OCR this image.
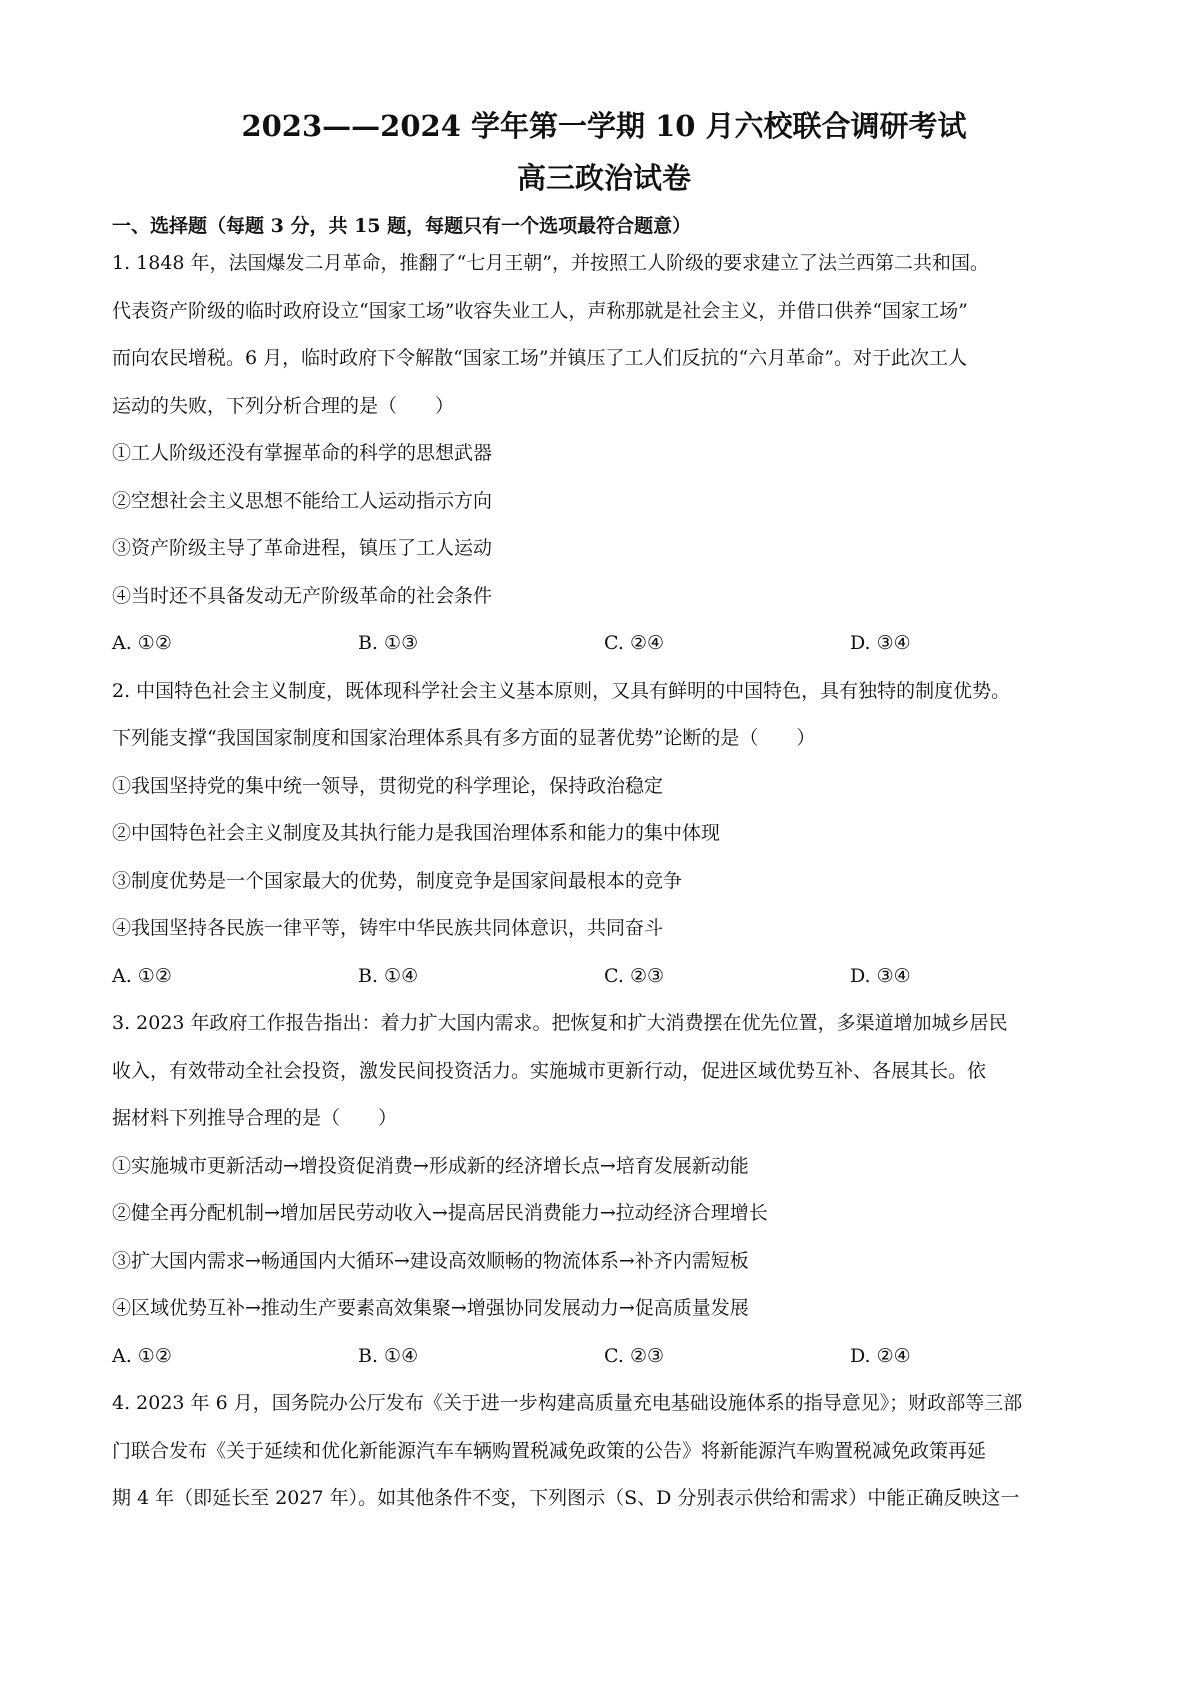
2023——2024 学年第一学期 10 月六校联合调研考试
高三政治试卷

一、选择题（每题 3 分，共 15 题，每题只有一个选项最符合题意）

1. 1848 年，法国爆发二月革命，推翻了“七月王朝”，并按照工人阶级的要求建立了法兰西第二共和国。

代表资产阶级的临时政府设立“国家工场”收容失业工人，声称那就是社会主义，并借口供养“国家工场”

而向农民增税。6 月，临时政府下令解散“国家工场”并镇压了工人们反抗的“六月革命”。对于此次工人

运动的失败，下列分析合理的是（　　）

①工人阶级还没有掌握革命的科学的思想武器

②空想社会主义思想不能给工人运动指示方向

③资产阶级主导了革命进程，镇压了工人运动

④当时还不具备发动无产阶级革命的社会条件

A. ①②	B. ①③	C. ②④	D. ③④

2. 中国特色社会主义制度，既体现科学社会主义基本原则，又具有鲜明的中国特色，具有独特的制度优势。

下列能支撑“我国国家制度和国家治理体系具有多方面的显著优势”论断的是（　　）

①我国坚持党的集中统一领导，贯彻党的科学理论，保持政治稳定

②中国特色社会主义制度及其执行能力是我国治理体系和能力的集中体现

③制度优势是一个国家最大的优势，制度竞争是国家间最根本的竞争

④我国坚持各民族一律平等，铸牢中华民族共同体意识，共同奋斗

A. ①②	B. ①④	C. ②③	D. ③④

3. 2023 年政府工作报告指出：着力扩大国内需求。把恢复和扩大消费摆在优先位置，多渠道增加城乡居民

收入，有效带动全社会投资，激发民间投资活力。实施城市更新行动，促进区域优势互补、各展其长。依

据材料下列推导合理的是（　　）

①实施城市更新活动→增投资促消费→形成新的经济增长点→培育发展新动能

②健全再分配机制→增加居民劳动收入→提高居民消费能力→拉动经济合理增长

③扩大国内需求→畅通国内大循环→建设高效顺畅的物流体系→补齐内需短板

④区域优势互补→推动生产要素高效集聚→增强协同发展动力→促高质量发展

A. ①②	B. ①④	C. ②③	D. ②④

4. 2023 年 6 月，国务院办公厅发布《关于进一步构建高质量充电基础设施体系的指导意见》；财政部等三部

门联合发布《关于延续和优化新能源汽车车辆购置税减免政策的公告》将新能源汽车购置税减免政策再延

期 4 年（即延长至 2027 年）。如其他条件不变，下列图示（S、D 分别表示供给和需求）中能正确反映这一
